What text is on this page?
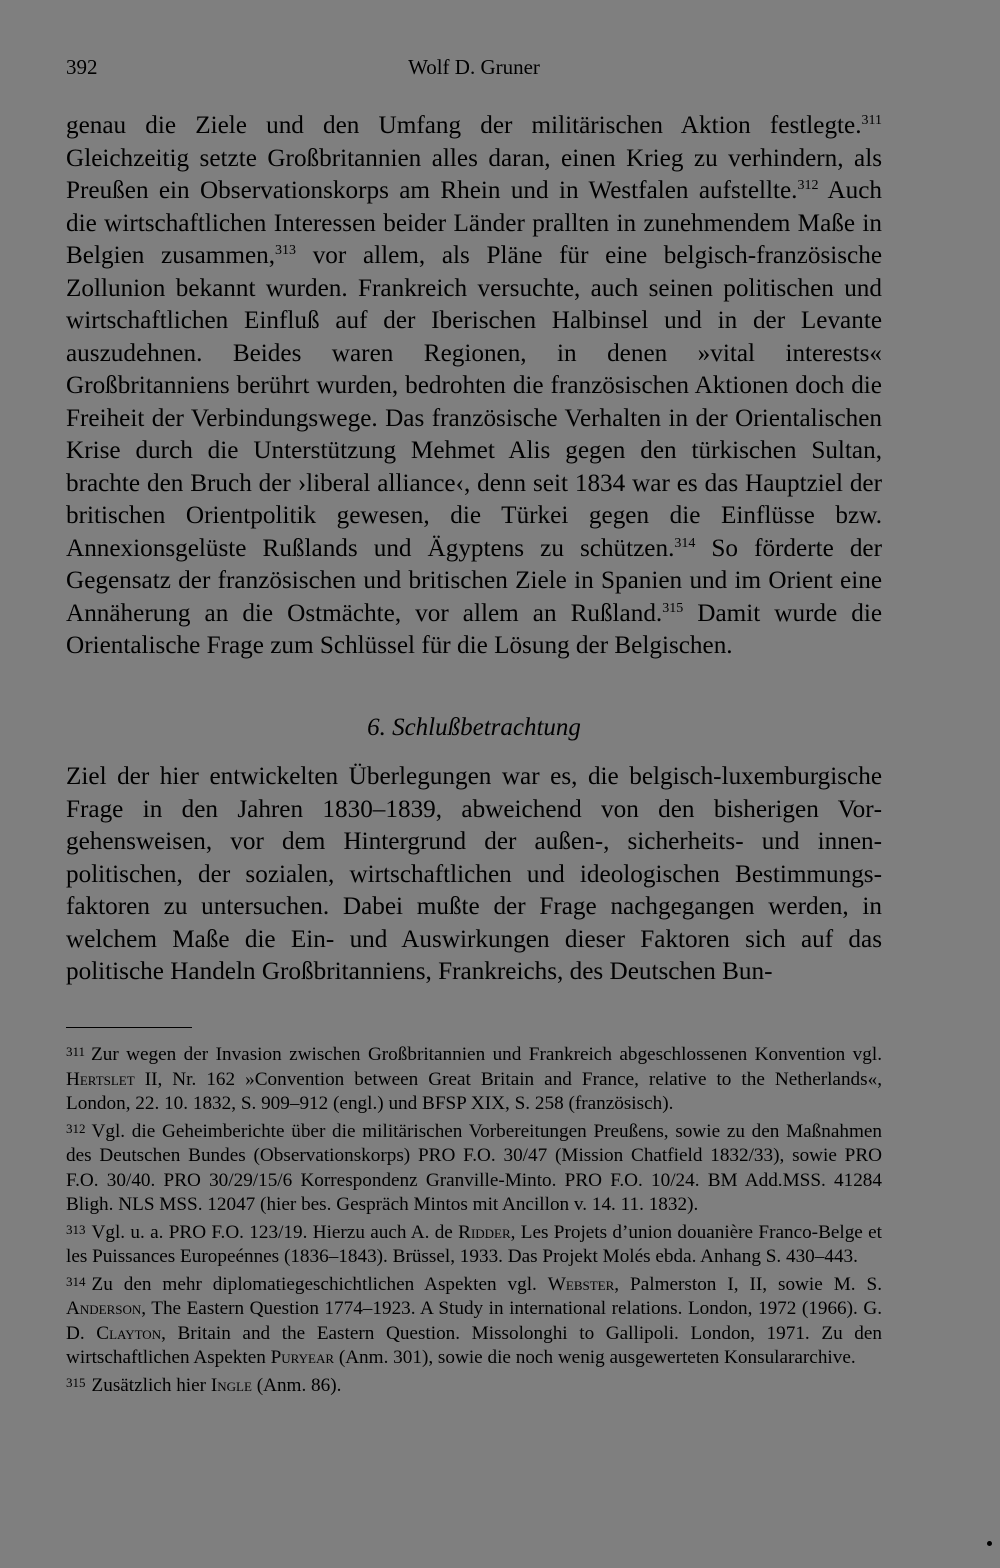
392	Wolf D. Gruner

genau die Ziele und den Umfang der militärischen Aktion festlegte.$^{311}$ Gleichzeitig setzte Großbritannien alles daran, einen Krieg zu verhindern, als Preußen ein Observationskorps am Rhein und in Westfalen aufstellte.$^{312}$ Auch die wirtschaftlichen Interessen beider Länder prallten in zunehmendem Maße in Belgien zusammen,$^{313}$ vor allem, als Pläne für eine belgisch-französische Zollunion bekannt wurden. Frankreich versuchte, auch seinen politischen und wirtschaftlichen Einfluß auf der Iberischen Halbinsel und in der Levante auszudehnen. Beides waren Regionen, in denen »vital interests« Großbritanniens berührt wurden, bedrohten die französischen Aktionen doch die Freiheit der Verbindungswege. Das französische Verhalten in der Orientalischen Krise durch die Unterstützung Mehmet Alis gegen den türkischen Sultan, brachte den Bruch der ›liberal alliance‹, denn seit 1834 war es das Hauptziel der britischen Orientpolitik gewesen, die Türkei gegen die Einflüsse bzw. Annexionsgelüste Rußlands und Ägyptens zu schützen.$^{314}$ So förderte der Gegensatz der französischen und britischen Ziele in Spanien und im Orient eine Annäherung an die Ostmächte, vor allem an Rußland.$^{315}$ Damit wurde die Orientalische Frage zum Schlüssel für die Lösung der Belgischen.

6. Schlußbetrachtung

Ziel der hier entwickelten Überlegungen war es, die belgisch-luxemburgische Frage in den Jahren 1830–1839, abweichend von den bisherigen Vorgehensweisen, vor dem Hintergrund der außen-, sicherheits- und innenpolitischen, der sozialen, wirtschaftlichen und ideologischen Bestimmungsfaktoren zu untersuchen. Dabei mußte der Frage nachgegangen werden, in welchem Maße die Ein- und Auswirkungen dieser Faktoren sich auf das politische Handeln Großbritanniens, Frankreichs, des Deutschen Bun-

$^{311}$ Zur wegen der Invasion zwischen Großbritannien und Frankreich abgeschlossenen Konvention vgl. Hertslet II, Nr. 162 »Convention between Great Britain and France, relative to the Netherlands«, London, 22. 10. 1832, S. 909–912 (engl.) und BFSP XIX, S. 258 (französisch).

$^{312}$ Vgl. die Geheimberichte über die militärischen Vorbereitungen Preußens, sowie zu den Maßnahmen des Deutschen Bundes (Observationskorps) PRO F.O. 30/47 (Mission Chatfield 1832/33), sowie PRO F.O. 30/40. PRO 30/29/15/6 Korrespondenz Granville-Minto. PRO F.O. 10/24. BM Add.MSS. 41284 Bligh. NLS MSS. 12047 (hier bes. Gespräch Mintos mit Ancillon v. 14. 11. 1832).

$^{313}$ Vgl. u. a. PRO F.O. 123/19. Hierzu auch A. de Ridder, Les Projets d’union douanière Franco-Belge et les Puissances Europeénnes (1836–1843). Brüssel, 1933. Das Projekt Molés ebda. Anhang S. 430–443.

$^{314}$ Zu den mehr diplomatiegeschichtlichen Aspekten vgl. Webster, Palmerston I, II, sowie M. S. Anderson, The Eastern Question 1774–1923. A Study in international relations. London, 1972 (1966). G. D. Clayton, Britain and the Eastern Question. Missolonghi to Gallipoli. London, 1971. Zu den wirtschaftlichen Aspekten Puryear (Anm. 301), sowie die noch wenig ausgewerteten Konsulararchive.

$^{315}$ Zusätzlich hier Ingle (Anm. 86).
